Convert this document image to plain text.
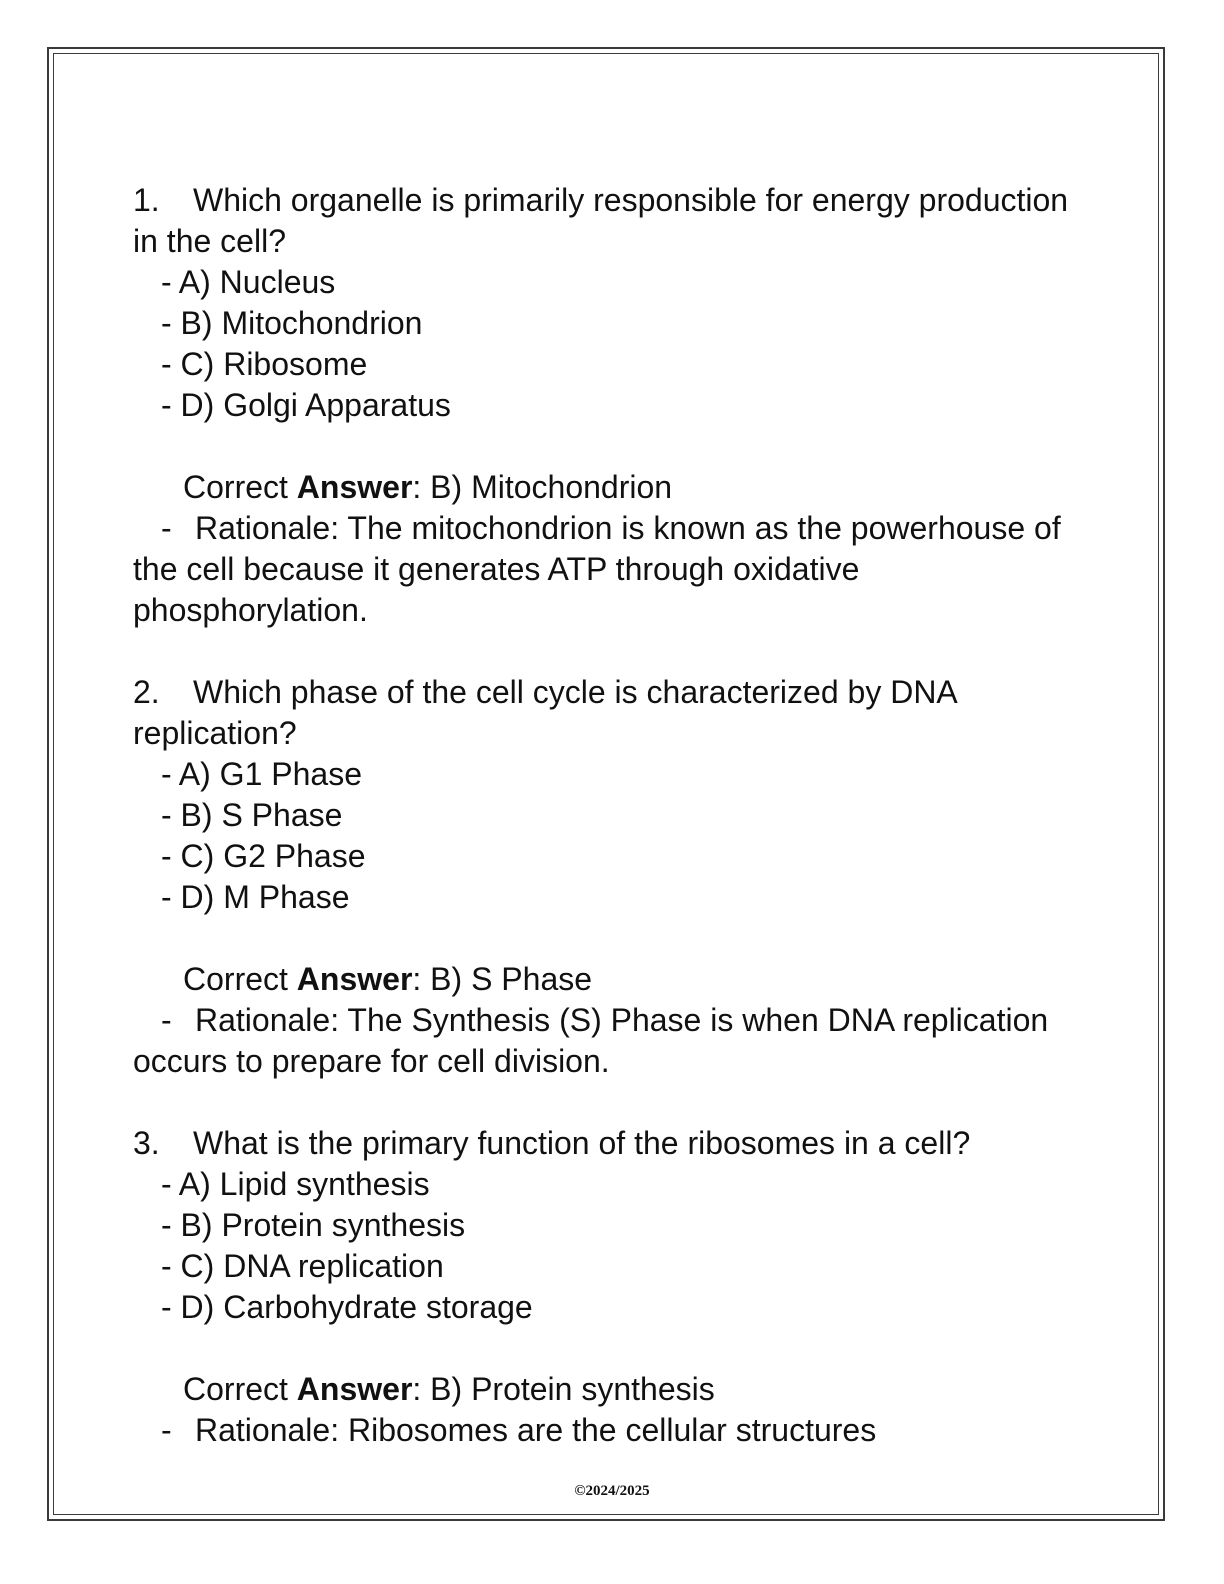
1. Which organelle is primarily responsible for energy production in the cell?

- A) Nucleus

- B) Mitochondrion

- C) Ribosome

- D) Golgi Apparatus

Correct Answer: B) Mitochondrion

- Rationale: The mitochondrion is known as the powerhouse of the cell because it generates ATP through oxidative phosphorylation.

2. Which phase of the cell cycle is characterized by DNA replication?

- A) G1 Phase

- B) S Phase

- C) G2 Phase

- D) M Phase

Correct Answer: B) S Phase

- Rationale: The Synthesis (S) Phase is when DNA replication occurs to prepare for cell division.

3. What is the primary function of the ribosomes in a cell?

- A) Lipid synthesis

- B) Protein synthesis

- C) DNA replication

- D) Carbohydrate storage

Correct Answer: B) Protein synthesis

- Rationale: Ribosomes are the cellular structures

©2024/2025
